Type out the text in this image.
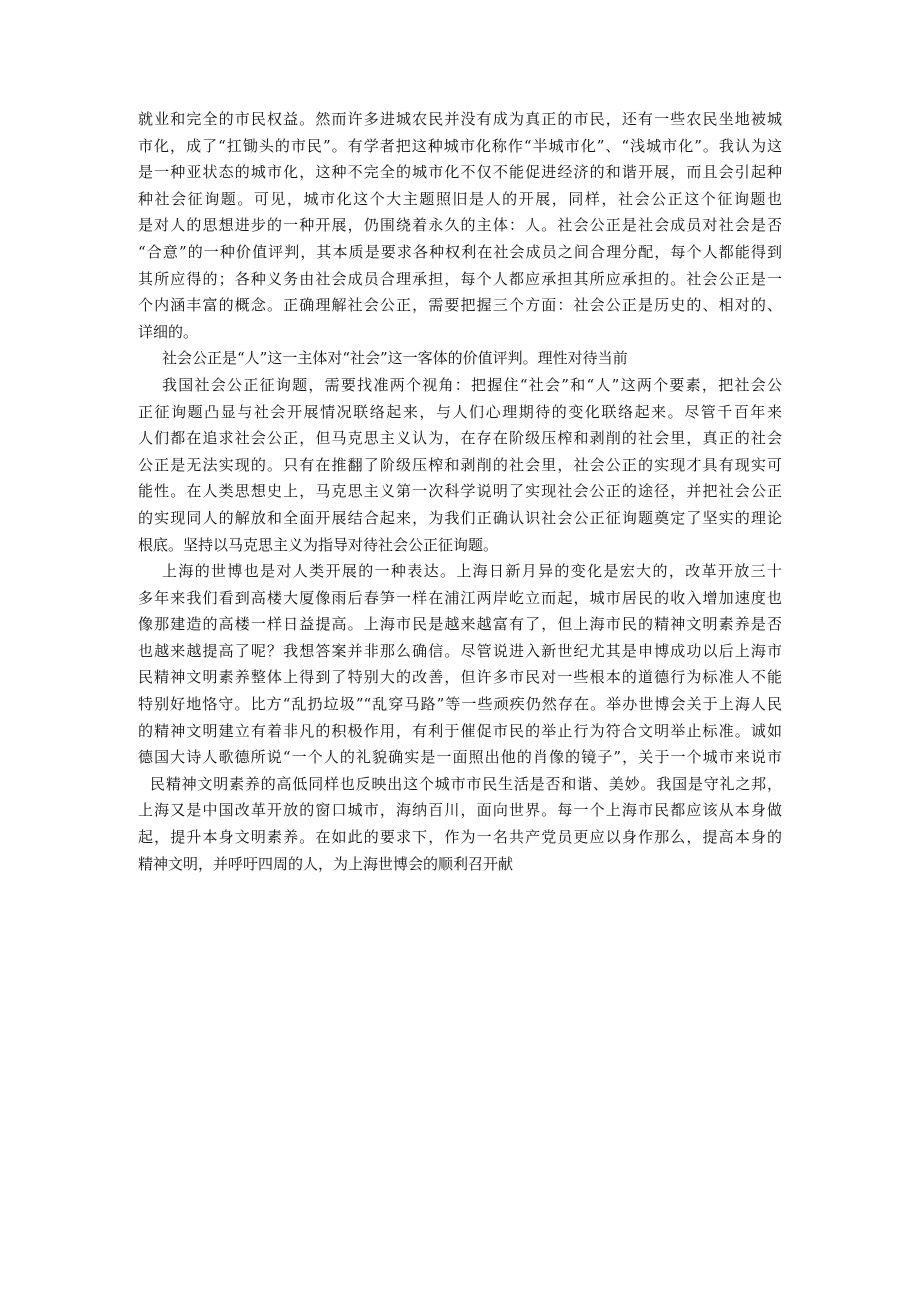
就业和完全的市民权益。然而许多进城农民并没有成为真正的市民，还有一些农民坐地被城
市化，成了“扛锄头的市民”。有学者把这种城市化称作“半城市化”、“浅城市化”。我认为这
是一种亚状态的城市化，这种不完全的城市化不仅不能促进经济的和谐开展，而且会引起种
种社会征询题。可见，城市化这个大主题照旧是人的开展，同样，社会公正这个征询题也
是对人的思想进步的一种开展，仍围绕着永久的主体：人。社会公正是社会成员对社会是否
“合意”的一种价值评判，其本质是要求各种权利在社会成员之间合理分配，每个人都能得到
其所应得的；各种义务由社会成员合理承担，每个人都应承担其所应承担的。社会公正是一
个内涵丰富的概念。正确理解社会公正，需要把握三个方面：社会公正是历史的、相对的、
详细的。
社会公正是“人”这一主体对“社会”这一客体的价值评判。理性对待当前
我国社会公正征询题，需要找准两个视角：把握住“社会”和“人”这两个要素，把社会公
正征询题凸显与社会开展情况联络起来，与人们心理期待的变化联络起来。尽管千百年来
人们都在追求社会公正，但马克思主义认为，在存在阶级压榨和剥削的社会里，真正的社会
公正是无法实现的。只有在推翻了阶级压榨和剥削的社会里，社会公正的实现才具有现实可
能性。在人类思想史上，马克思主义第一次科学说明了实现社会公正的途径，并把社会公正
的实现同人的解放和全面开展结合起来，为我们正确认识社会公正征询题奠定了坚实的理论
根底。坚持以马克思主义为指导对待社会公正征询题。
上海的世博也是对人类开展的一种表达。上海日新月异的变化是宏大的，改革开放三十
多年来我们看到高楼大厦像雨后春笋一样在浦江两岸屹立而起，城市居民的收入增加速度也
像那建造的高楼一样日益提高。上海市民是越来越富有了，但上海市民的精神文明素养是否
也越来越提高了呢？我想答案并非那么确信。尽管说进入新世纪尤其是申博成功以后上海市
民精神文明素养整体上得到了特别大的改善，但许多市民对一些根本的道德行为标准人不能
特别好地恪守。比方“乱扔垃圾”“乱穿马路”等一些顽疾仍然存在。举办世博会关于上海人民
的精神文明建立有着非凡的积极作用，有利于催促市民的举止行为符合文明举止标准。诚如
德国大诗人歌德所说“一个人的礼貌确实是一面照出他的肖像的镜子”，关于一个城市来说市
民精神文明素养的高低同样也反映出这个城市市民生活是否和谐、美妙。我国是守礼之邦，
上海又是中国改革开放的窗口城市，海纳百川，面向世界。每一个上海市民都应该从本身做
起，提升本身文明素养。在如此的要求下，作为一名共产党员更应以身作那么，提高本身的
精神文明，并呼吁四周的人，为上海世博会的顺利召开献
